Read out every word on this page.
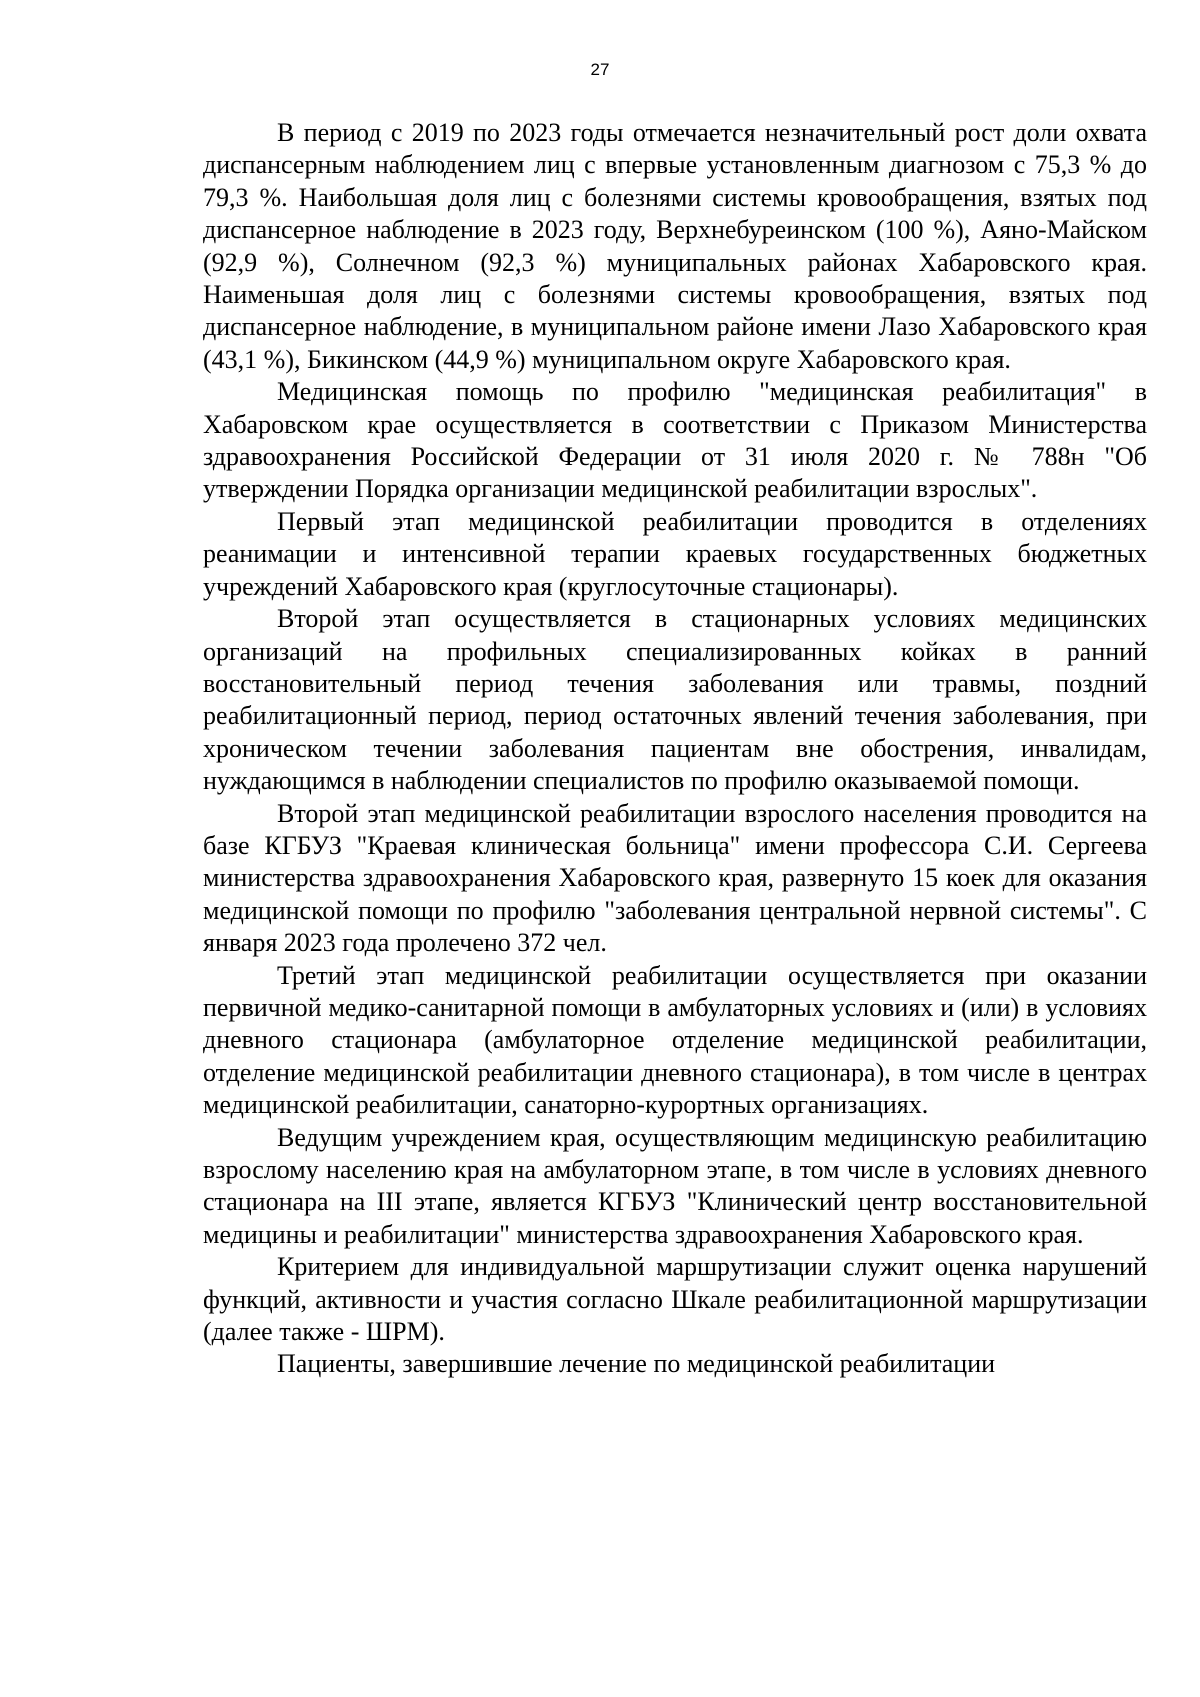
27

В период с 2019 по 2023 годы отмечается незначительный рост доли охвата диспансерным наблюдением лиц с впервые установленным диагнозом с 75,3 % до 79,3 %. Наибольшая доля лиц с болезнями системы кровообращения, взятых под диспансерное наблюдение в 2023 году, Верхнебуреинском (100 %), Аяно-Майском (92,9 %), Солнечном (92,3 %) муниципальных районах Хабаровского края. Наименьшая доля лиц с болезнями системы кровообращения, взятых под диспансерное наблюдение, в муниципальном районе имени Лазо Хабаровского края (43,1 %), Бикинском (44,9 %) муниципальном округе Хабаровского края.

Медицинская помощь по профилю "медицинская реабилитация" в Хабаровском крае осуществляется в соответствии с Приказом Министерства здравоохранения Российской Федерации от 31 июля 2020 г. № 788н "Об утверждении Порядка организации медицинской реабилитации взрослых".

Первый этап медицинской реабилитации проводится в отделениях реанимации и интенсивной терапии краевых государственных бюджетных учреждений Хабаровского края (круглосуточные стационары).

Второй этап осуществляется в стационарных условиях медицинских организаций на профильных специализированных койках в ранний восстановительный период течения заболевания или травмы, поздний реабилитационный период, период остаточных явлений течения заболевания, при хроническом течении заболевания пациентам вне обострения, инвалидам, нуждающимся в наблюдении специалистов по профилю оказываемой помощи.

Второй этап медицинской реабилитации взрослого населения проводится на базе КГБУЗ "Краевая клиническая больница" имени профессора С.И. Сергеева министерства здравоохранения Хабаровского края, развернуто 15 коек для оказания медицинской помощи по профилю "заболевания центральной нервной системы". С января 2023 года пролечено 372 чел.

Третий этап медицинской реабилитации осуществляется при оказании первичной медико-санитарной помощи в амбулаторных условиях и (или) в условиях дневного стационара (амбулаторное отделение медицинской реабилитации, отделение медицинской реабилитации дневного стационара), в том числе в центрах медицинской реабилитации, санаторно-курортных организациях.

Ведущим учреждением края, осуществляющим медицинскую реабилитацию взрослому населению края на амбулаторном этапе, в том числе в условиях дневного стационара на III этапе, является КГБУЗ "Клинический центр восстановительной медицины и реабилитации" министерства здравоохранения Хабаровского края.

Критерием для индивидуальной маршрутизации служит оценка нарушений функций, активности и участия согласно Шкале реабилитационной маршрутизации (далее также - ШРМ).

Пациенты, завершившие лечение по медицинской реабилитации
